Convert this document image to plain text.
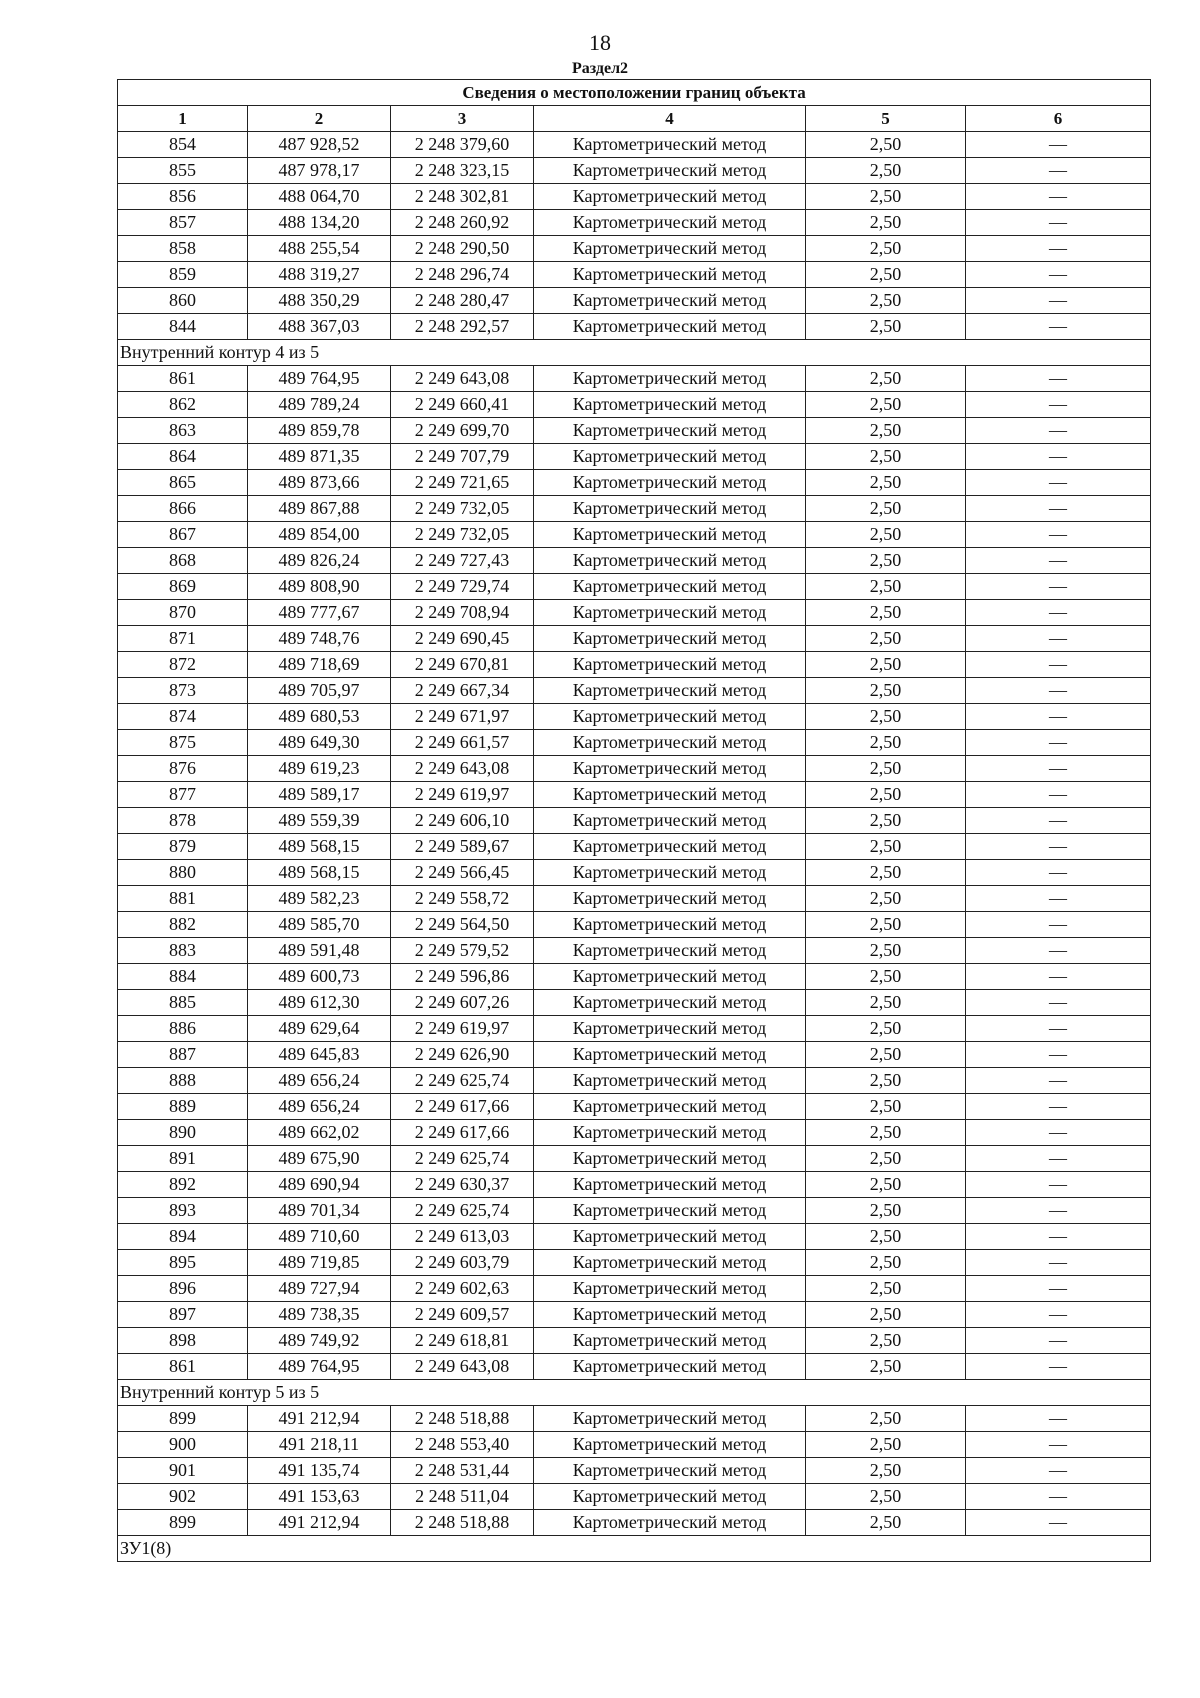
18
Раздел2
Сведения о местоположении границ объекта					
1	2	3	4	5	6
854	487 928,52	2 248 379,60	Картометрический метод	2,50	—
855	487 978,17	2 248 323,15	Картометрический метод	2,50	—
856	488 064,70	2 248 302,81	Картометрический метод	2,50	—
857	488 134,20	2 248 260,92	Картометрический метод	2,50	—
858	488 255,54	2 248 290,50	Картометрический метод	2,50	—
859	488 319,27	2 248 296,74	Картометрический метод	2,50	—
860	488 350,29	2 248 280,47	Картометрический метод	2,50	—
844	488 367,03	2 248 292,57	Картометрический метод	2,50	—
Внутренний контур 4 из 5					
861	489 764,95	2 249 643,08	Картометрический метод	2,50	—
862	489 789,24	2 249 660,41	Картометрический метод	2,50	—
863	489 859,78	2 249 699,70	Картометрический метод	2,50	—
864	489 871,35	2 249 707,79	Картометрический метод	2,50	—
865	489 873,66	2 249 721,65	Картометрический метод	2,50	—
866	489 867,88	2 249 732,05	Картометрический метод	2,50	—
867	489 854,00	2 249 732,05	Картометрический метод	2,50	—
868	489 826,24	2 249 727,43	Картометрический метод	2,50	—
869	489 808,90	2 249 729,74	Картометрический метод	2,50	—
870	489 777,67	2 249 708,94	Картометрический метод	2,50	—
871	489 748,76	2 249 690,45	Картометрический метод	2,50	—
872	489 718,69	2 249 670,81	Картометрический метод	2,50	—
873	489 705,97	2 249 667,34	Картометрический метод	2,50	—
874	489 680,53	2 249 671,97	Картометрический метод	2,50	—
875	489 649,30	2 249 661,57	Картометрический метод	2,50	—
876	489 619,23	2 249 643,08	Картометрический метод	2,50	—
877	489 589,17	2 249 619,97	Картометрический метод	2,50	—
878	489 559,39	2 249 606,10	Картометрический метод	2,50	—
879	489 568,15	2 249 589,67	Картометрический метод	2,50	—
880	489 568,15	2 249 566,45	Картометрический метод	2,50	—
881	489 582,23	2 249 558,72	Картометрический метод	2,50	—
882	489 585,70	2 249 564,50	Картометрический метод	2,50	—
883	489 591,48	2 249 579,52	Картометрический метод	2,50	—
884	489 600,73	2 249 596,86	Картометрический метод	2,50	—
885	489 612,30	2 249 607,26	Картометрический метод	2,50	—
886	489 629,64	2 249 619,97	Картометрический метод	2,50	—
887	489 645,83	2 249 626,90	Картометрический метод	2,50	—
888	489 656,24	2 249 625,74	Картометрический метод	2,50	—
889	489 656,24	2 249 617,66	Картометрический метод	2,50	—
890	489 662,02	2 249 617,66	Картометрический метод	2,50	—
891	489 675,90	2 249 625,74	Картометрический метод	2,50	—
892	489 690,94	2 249 630,37	Картометрический метод	2,50	—
893	489 701,34	2 249 625,74	Картометрический метод	2,50	—
894	489 710,60	2 249 613,03	Картометрический метод	2,50	—
895	489 719,85	2 249 603,79	Картометрический метод	2,50	—
896	489 727,94	2 249 602,63	Картометрический метод	2,50	—
897	489 738,35	2 249 609,57	Картометрический метод	2,50	—
898	489 749,92	2 249 618,81	Картометрический метод	2,50	—
861	489 764,95	2 249 643,08	Картометрический метод	2,50	—
Внутренний контур 5 из 5					
899	491 212,94	2 248 518,88	Картометрический метод	2,50	—
900	491 218,11	2 248 553,40	Картометрический метод	2,50	—
901	491 135,74	2 248 531,44	Картометрический метод	2,50	—
902	491 153,63	2 248 511,04	Картометрический метод	2,50	—
899	491 212,94	2 248 518,88	Картометрический метод	2,50	—
ЗУ1(8)					
